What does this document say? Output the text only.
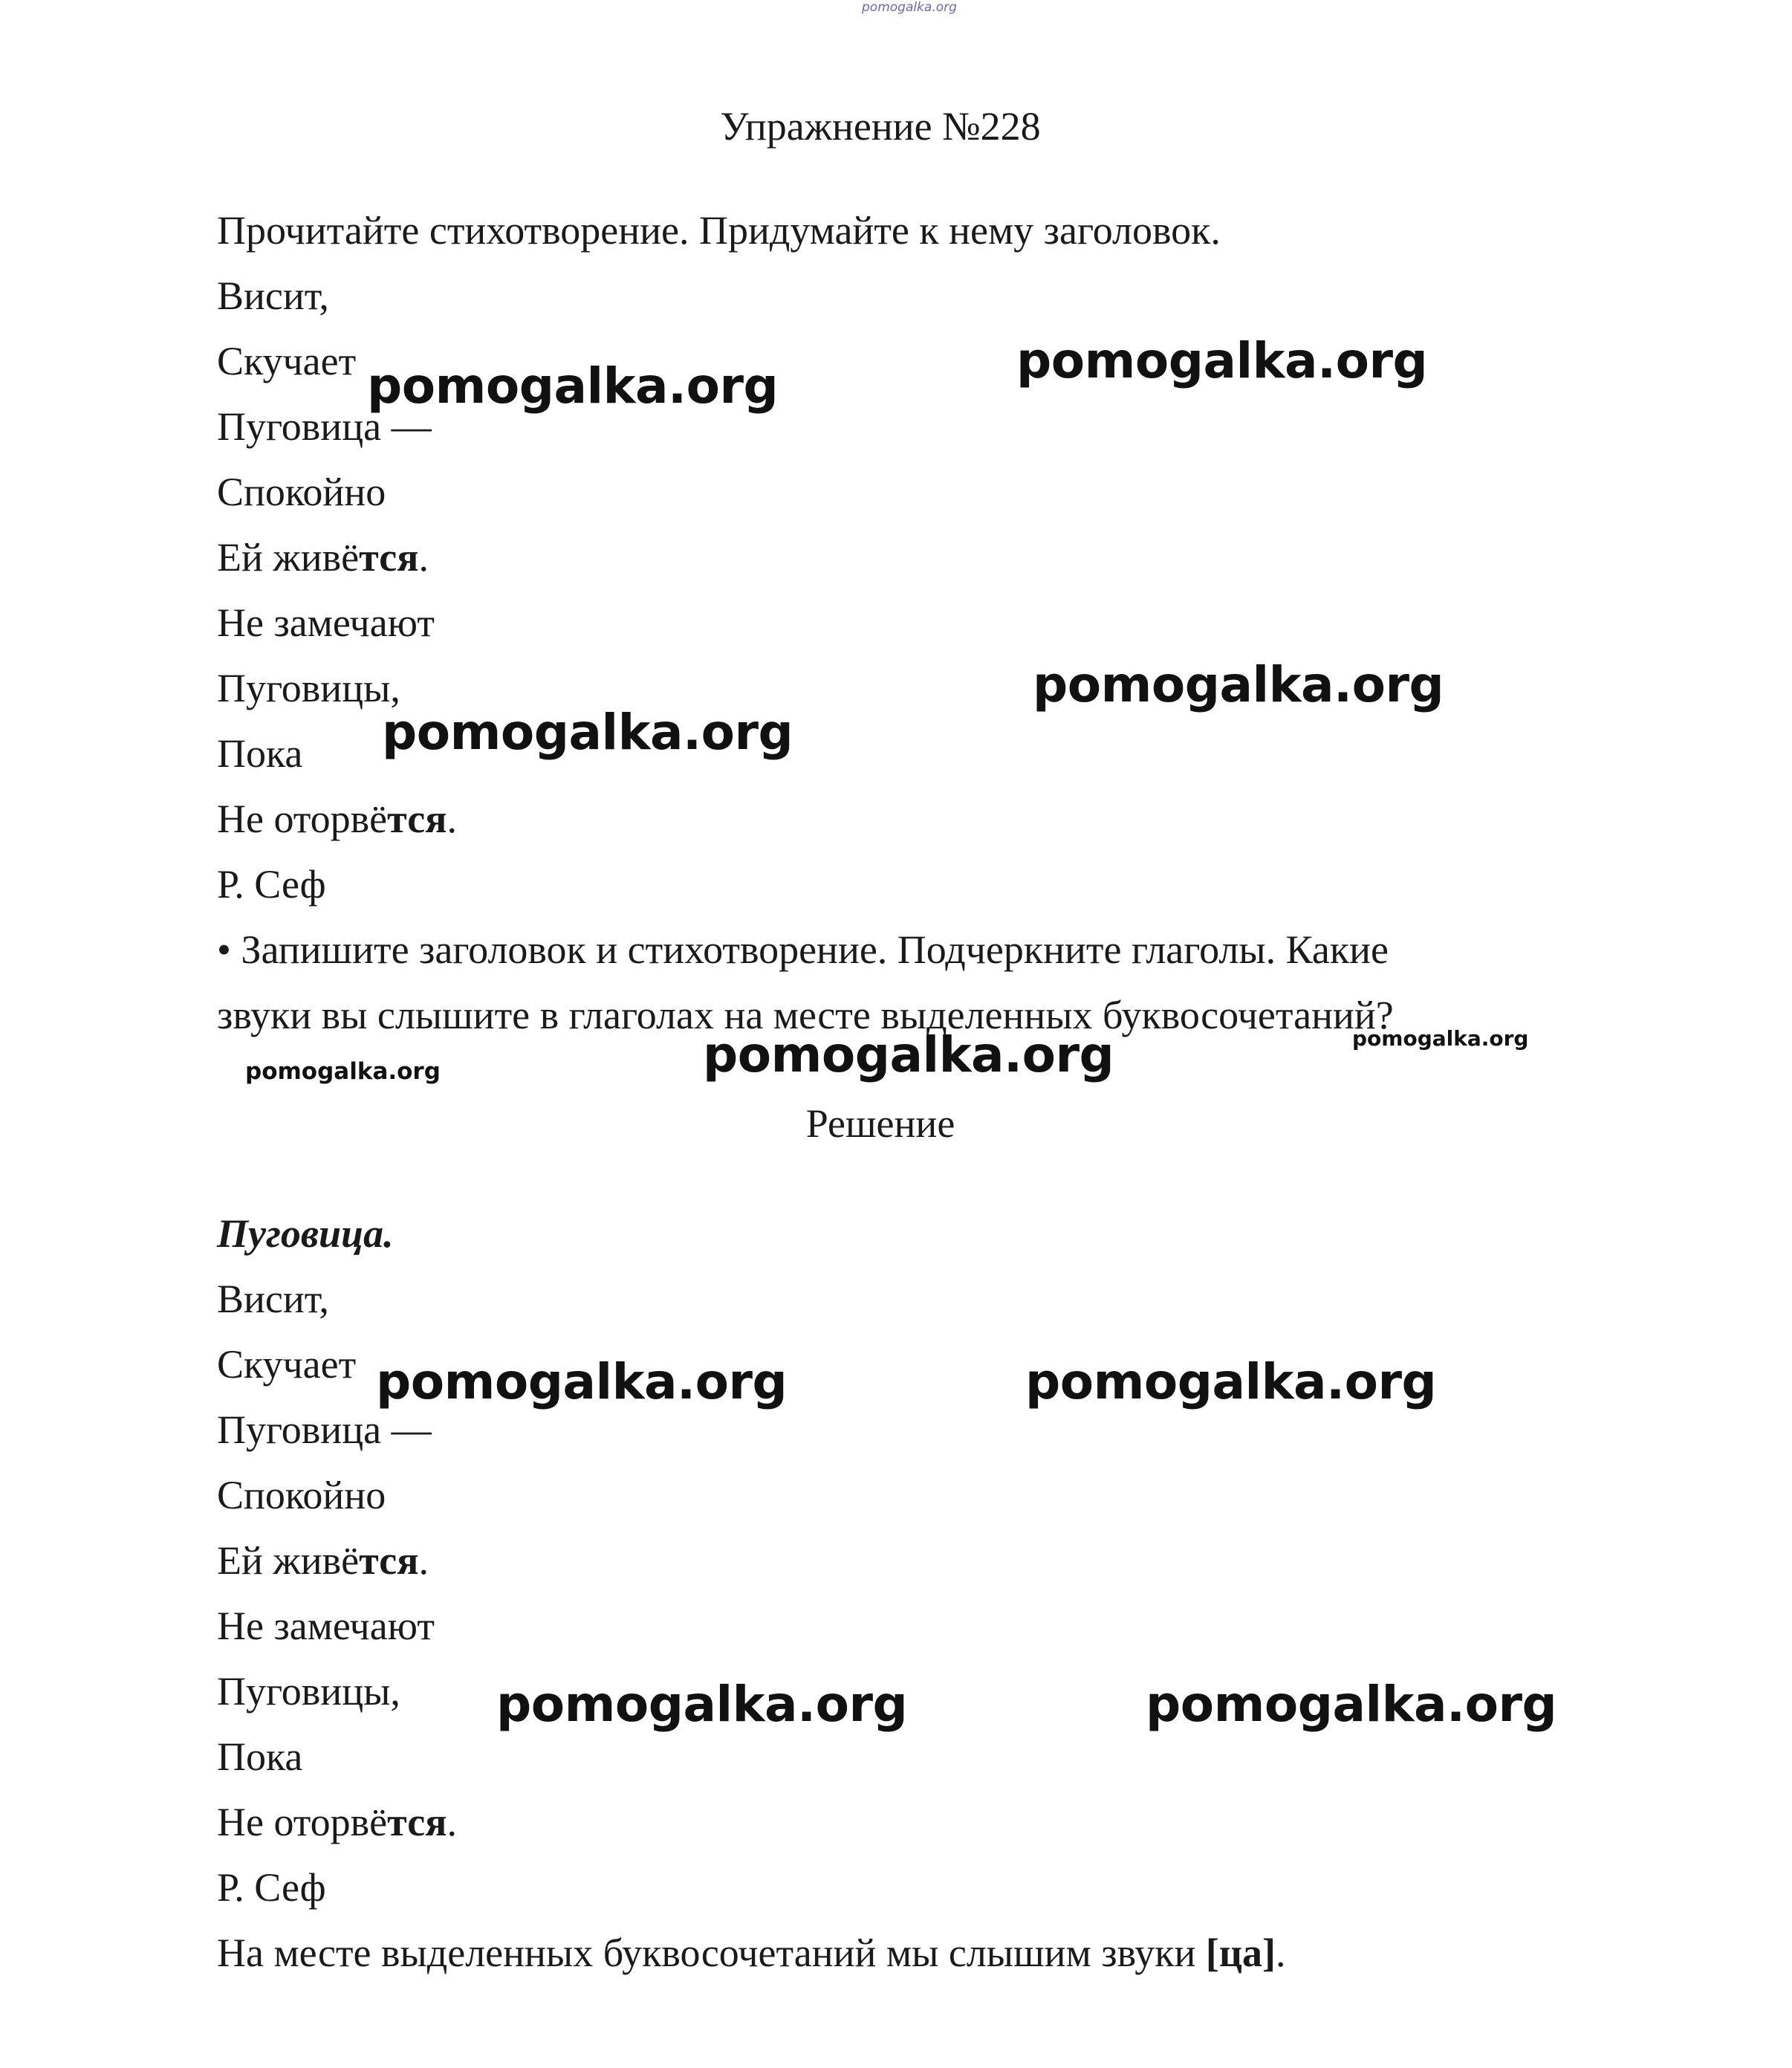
pomogalka.org
Упражнение №228
Прочитайте стихотворение. Придумайте к нему заголовок.
Висит,
Скучает
Пуговица —
Спокойно
Ей живётся.
Не замечают
Пуговицы,
Пока
Не оторвётся.
Р. Сеф
• Запишите заголовок и стихотворение. Подчеркните глаголы. Какие
звуки вы слышите в глаголах на месте выделенных буквосочетаний?
Решение
Пуговица.
Висит,
Скучает
Пуговица —
Спокойно
Ей живётся.
Не замечают
Пуговицы,
Пока
Не оторвётся.
Р. Сеф
На месте выделенных буквосочетаний мы слышим звуки [ца].
pomogalka.org	pomogalka.org
pomogalka.org
pomogalka.org
pomogalka.org
pomogalka.org
pomogalka.org
pomogalka.org	pomogalka.org
pomogalka.org	pomogalka.org
